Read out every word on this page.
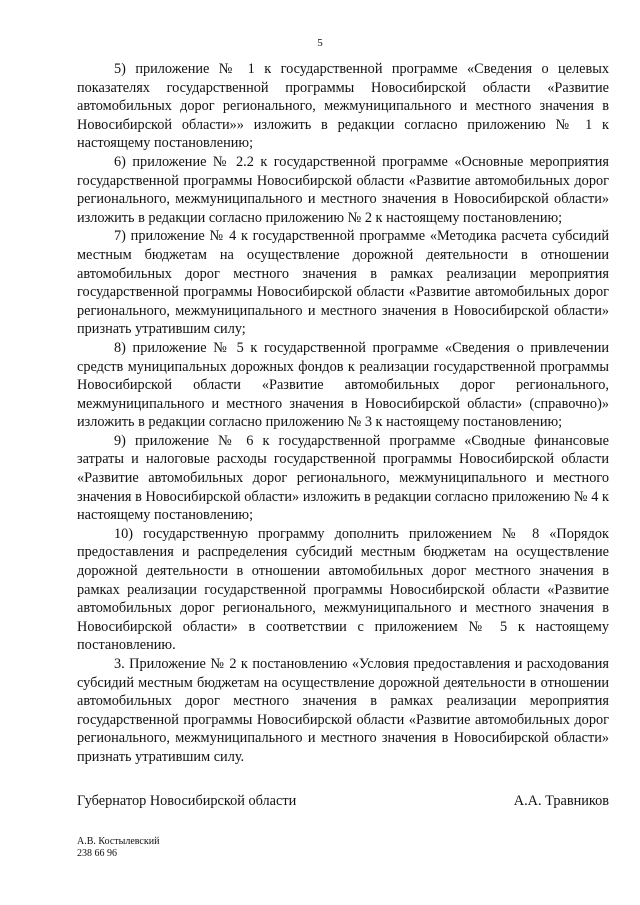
5

5) приложение № 1 к государственной программе «Сведения о целевых показателях государственной программы Новосибирской области «Развитие автомобильных дорог регионального, межмуниципального и местного значения в Новосибирской области»» изложить в редакции согласно приложению № 1 к настоящему постановлению;

6) приложение № 2.2 к государственной программе «Основные мероприятия государственной программы Новосибирской области «Развитие автомобильных дорог регионального, межмуниципального и местного значения в Новосибирской области» изложить в редакции согласно приложению № 2 к настоящему постановлению;

7) приложение № 4 к государственной программе «Методика расчета субсидий местным бюджетам на осуществление дорожной деятельности в отношении автомобильных дорог местного значения в рамках реализации мероприятия государственной программы Новосибирской области «Развитие автомобильных дорог регионального, межмуниципального и местного значения в Новосибирской области» признать утратившим силу;

8) приложение № 5 к государственной программе «Сведения о привлечении средств муниципальных дорожных фондов к реализации государственной программы Новосибирской области «Развитие автомобильных дорог регионального, межмуниципального и местного значения в Новосибирской области» (справочно)» изложить в редакции согласно приложению № 3 к настоящему постановлению;

9) приложение № 6 к государственной программе «Сводные финансовые затраты и налоговые расходы государственной программы Новосибирской области «Развитие автомобильных дорог регионального, межмуниципального и местного значения в Новосибирской области» изложить в редакции согласно приложению № 4 к настоящему постановлению;

10) государственную программу дополнить приложением № 8 «Порядок предоставления и распределения субсидий местным бюджетам на осуществление дорожной деятельности в отношении автомобильных дорог местного значения в рамках реализации государственной программы Новосибирской области «Развитие автомобильных дорог регионального, межмуниципального и местного значения в Новосибирской области» в соответствии с приложением № 5 к настоящему постановлению.

3. Приложение № 2 к постановлению «Условия предоставления и расходования субсидий местным бюджетам на осуществление дорожной деятельности в отношении автомобильных дорог местного значения в рамках реализации мероприятия государственной программы Новосибирской области «Развитие автомобильных дорог регионального, межмуниципального и местного значения в Новосибирской области» признать утратившим силу.

Губернатор Новосибирской области	А.А. Травников
А.В. Костылевский
238 66 96
